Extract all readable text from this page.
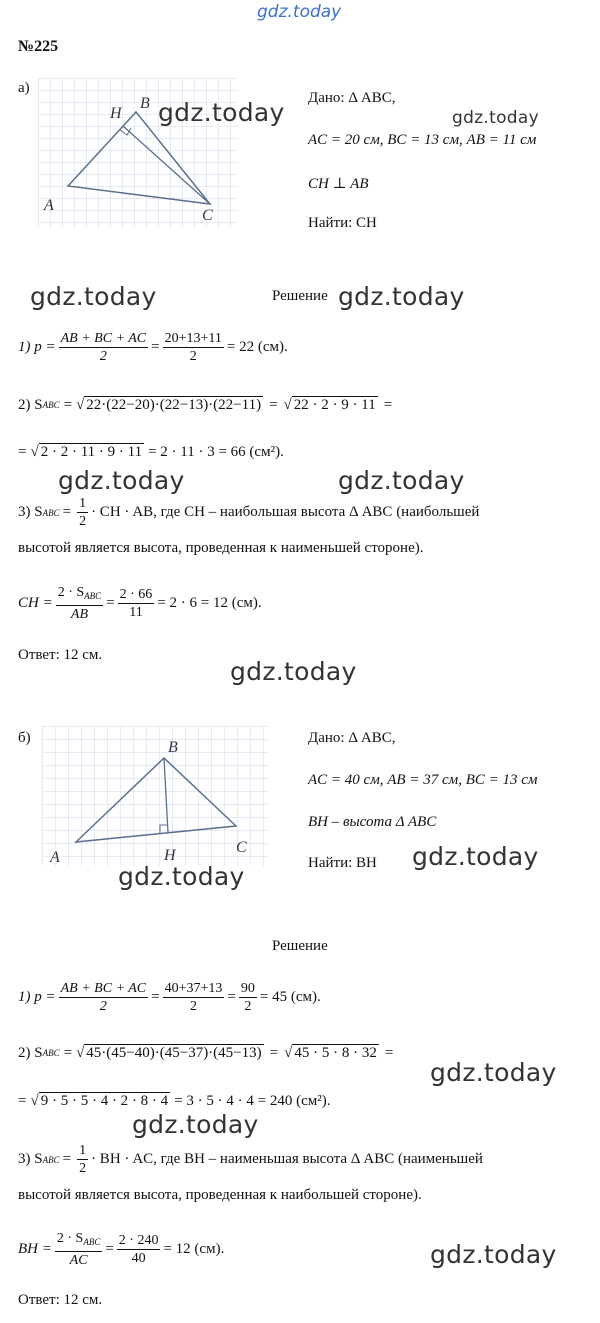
gdz.today
№225
а)
H
B
A
C
gdz.today	gdz.today
Дано: Δ ABC,
AC = 20 см, BC = 13 см, AB = 11 см
CH ⊥ AB
Найти: CH
gdz.today	Решение gdz.today
1) $p = \frac{AB + BC + AC}{2} = \frac{20+13+11}{2} = 22$ (см).
2) S ABC = √ 22·(22−20)·(22−13)·(22−11) = √ 22 · 2 · 9 · 11 =
= √ 2 · 2 · 11 · 9 · 11 = 2 · 11 · 3 = 66 (см²).
gdz.today	gdz.today
3) S ABC = $\frac{1}{2}$ · CH · AB, где CH – наибольшая высота Δ ABC (наибольшей
высотой является высота, проведенная к наименьшей стороне).
CH = $\frac{2 \cdot S_{ABC}}{AB} = \frac{2 \cdot 66}{11} = 2 \cdot 6 = 12$ (см).
Ответ: 12 см.
gdz.today
б)
B
A	H	C
Дано: Δ ABC,
AC = 40 см, AB = 37 см, BC = 13 см
BH – высота Δ ABC
Найти: BH gdz.today
gdz.today
Решение
1) $p = \frac{AB + BC + AC}{2} = \frac{40+37+13}{2} = \frac{90}{2} = 45$ (см).
2) S ABC = √ 45·(45−40)·(45−37)·(45−13) = √ 45 · 5 · 8 · 32 =
gdz.today
= √ 9 · 5 · 5 · 4 · 2 · 8 · 4 = 3 · 5 · 4 · 4 = 240 (см²).
gdz.today
3) S ABC = $\frac{1}{2}$ · BH · AC, где BH – наименьшая высота Δ ABC (наименьшей
высотой является высота, проведенная к наибольшей стороне).
BH = $\frac{2 \cdot S_{ABC}}{AC} = \frac{2 \cdot 240}{40} = 12$ (см).	gdz.today
Ответ: 12 см.
